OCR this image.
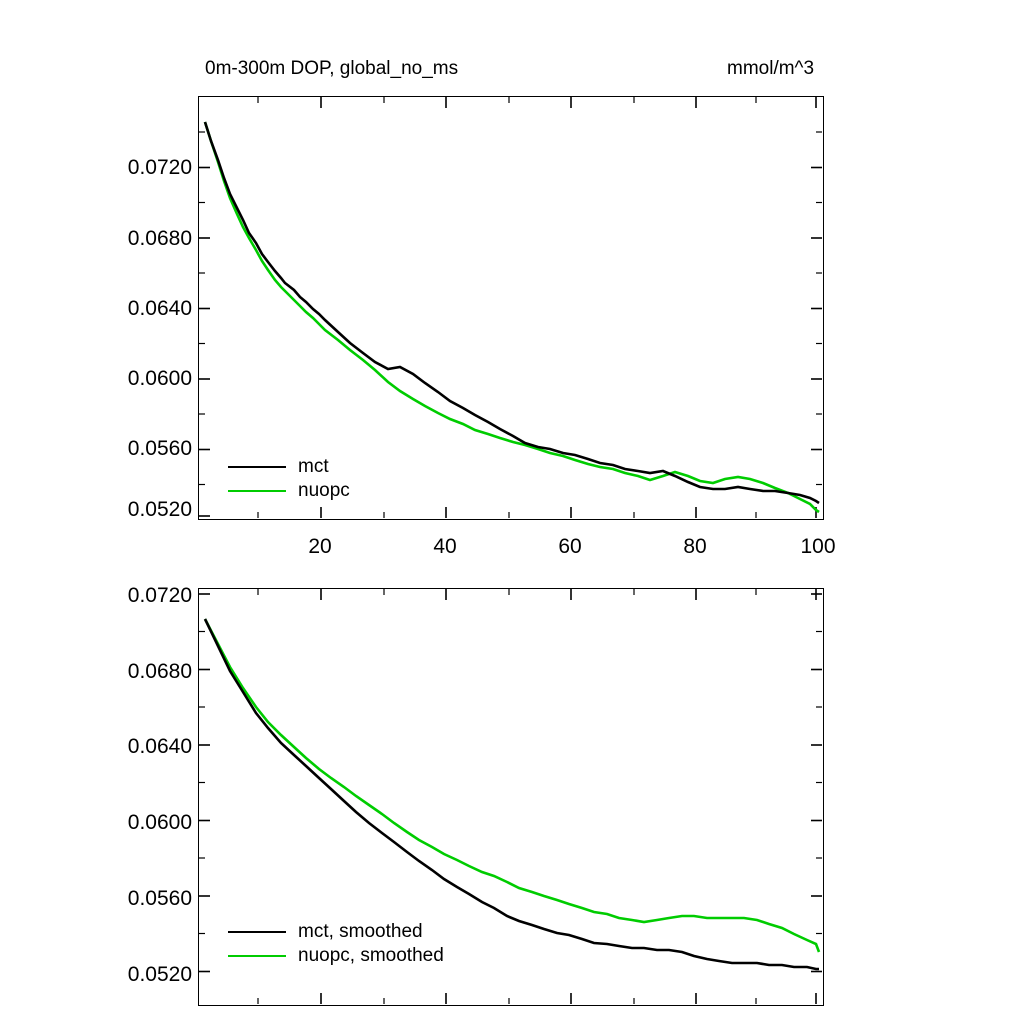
0m-300m DOP, global_no_ms	mmol/m^3
0.0720
0.0680
0.0640
0.0600
0.0560
0.0520
20	40	60	80	100
mct
nuopc
0.0720
0.0680
0.0640
0.0600
0.0560
0.0520
mct, smoothed
nuopc, smoothed
